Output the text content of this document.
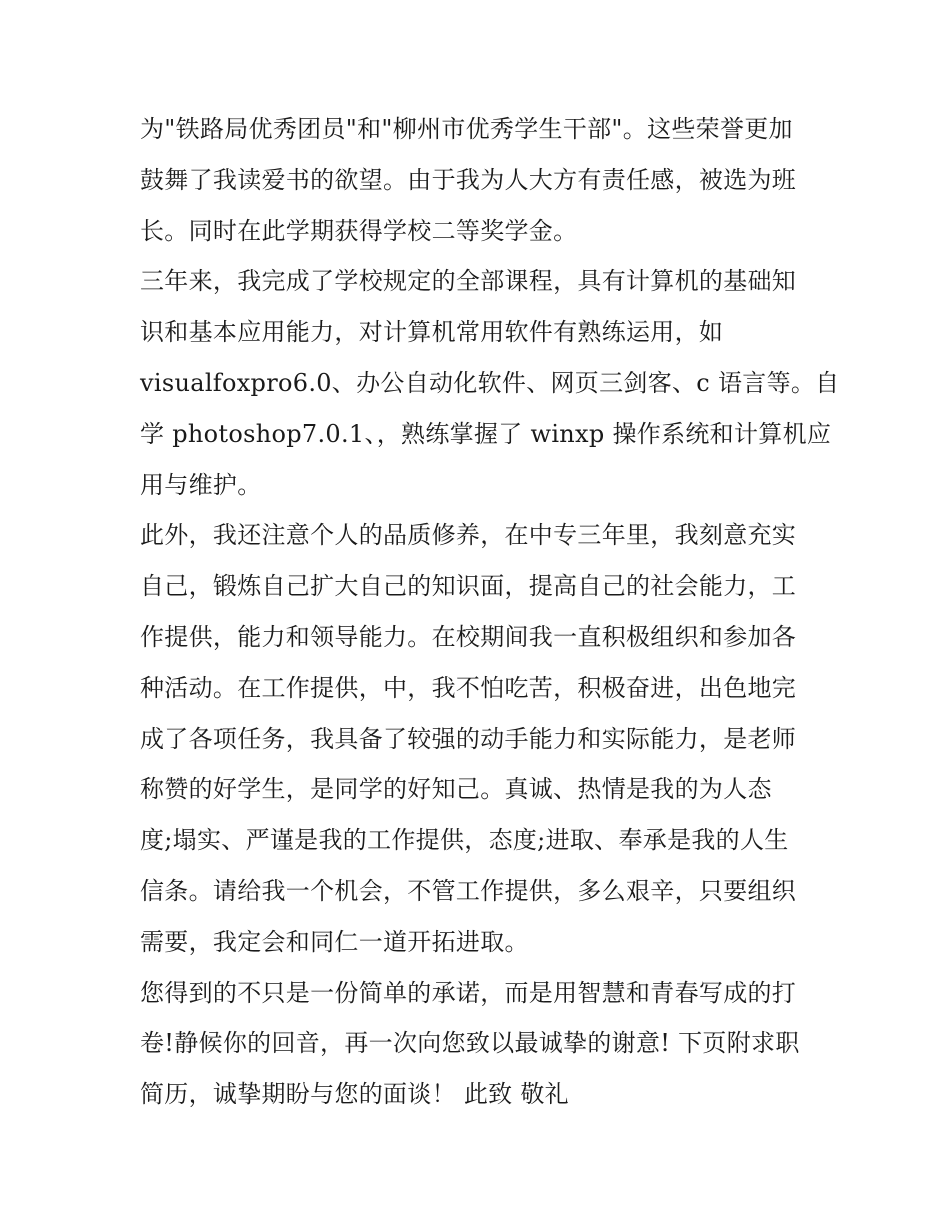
为"铁路局优秀团员"和"柳州市优秀学生干部"。这些荣誉更加
鼓舞了我读爱书的欲望。由于我为人大方有责任感，被选为班
长。同时在此学期获得学校二等奖学金。

三年来，我完成了学校规定的全部课程，具有计算机的基础知
识和基本应用能力，对计算机常用软件有熟练运用，如
visualfoxpro6.0、办公自动化软件、网页三剑客、c 语言等。自
学 photoshop7.0.1、，熟练掌握了 winxp 操作系统和计算机应
用与维护。

此外，我还注意个人的品质修养，在中专三年里，我刻意充实
自己，锻炼自己扩大自己的知识面，提高自己的社会能力，工
作提供，能力和领导能力。在校期间我一直积极组织和参加各
种活动。在工作提供，中，我不怕吃苦，积极奋进，出色地完
成了各项任务，我具备了较强的动手能力和实际能力，是老师
称赞的好学生，是同学的好知己。真诚、热情是我的为人态
度;塌实、严谨是我的工作提供，态度;进取、奉承是我的人生
信条。请给我一个机会，不管工作提供，多么艰辛，只要组织
需要，我定会和同仁一道开拓进取。

您得到的不只是一份简单的承诺，而是用智慧和青春写成的打
卷!静候你的回音，再一次向您致以最诚挚的谢意! 下页附求职
简历，诚挚期盼与您的面谈！ 此致 敬礼
